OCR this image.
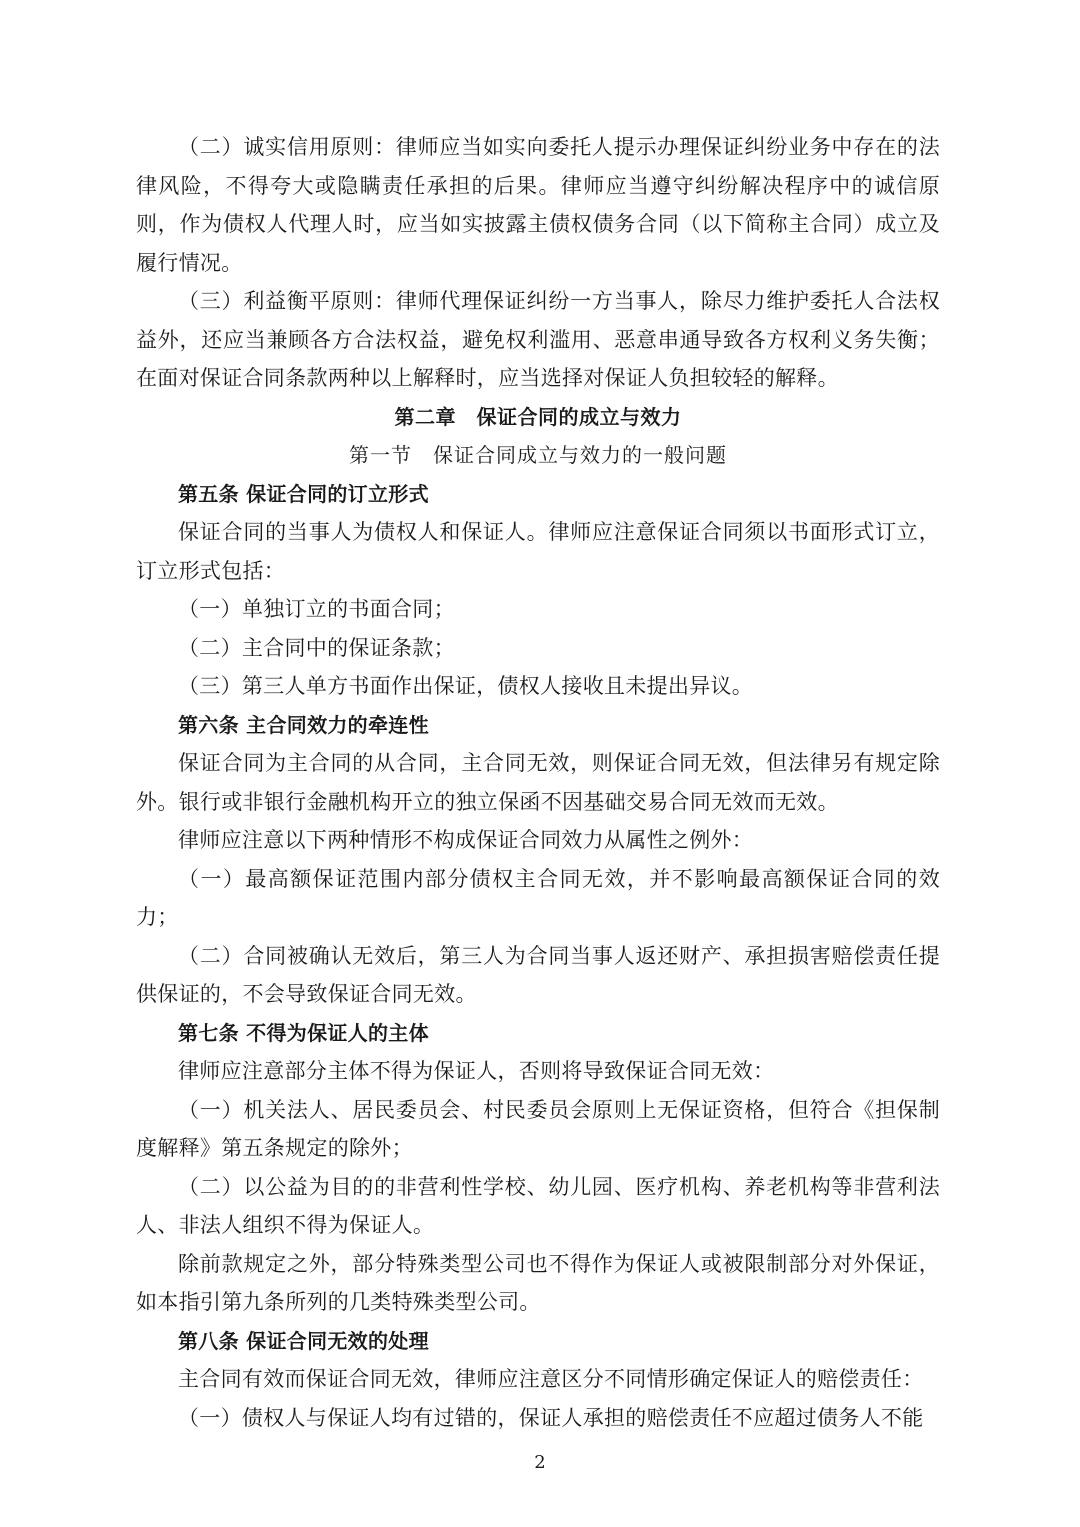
（二）诚实信用原则：律师应当如实向委托人提示办理保证纠纷业务中存在的法律风险，不得夸大或隐瞒责任承担的后果。律师应当遵守纠纷解决程序中的诚信原则，作为债权人代理人时，应当如实披露主债权债务合同（以下简称主合同）成立及履行情况。

（三）利益衡平原则：律师代理保证纠纷一方当事人，除尽力维护委托人合法权益外，还应当兼顾各方合法权益，避免权利滥用、恶意串通导致各方权利义务失衡；在面对保证合同条款两种以上解释时，应当选择对保证人负担较轻的解释。

第二章　保证合同的成立与效力

第一节　保证合同成立与效力的一般问题

第五条 保证合同的订立形式

保证合同的当事人为债权人和保证人。律师应注意保证合同须以书面形式订立，订立形式包括：

（一）单独订立的书面合同；

（二）主合同中的保证条款；

（三）第三人单方书面作出保证，债权人接收且未提出异议。

第六条 主合同效力的牵连性

保证合同为主合同的从合同，主合同无效，则保证合同无效，但法律另有规定除外。银行或非银行金融机构开立的独立保函不因基础交易合同无效而无效。

律师应注意以下两种情形不构成保证合同效力从属性之例外：

（一）最高额保证范围内部分债权主合同无效，并不影响最高额保证合同的效力；

（二）合同被确认无效后，第三人为合同当事人返还财产、承担损害赔偿责任提供保证的，不会导致保证合同无效。

第七条 不得为保证人的主体

律师应注意部分主体不得为保证人，否则将导致保证合同无效：

（一）机关法人、居民委员会、村民委员会原则上无保证资格，但符合《担保制度解释》第五条规定的除外；

（二）以公益为目的的非营利性学校、幼儿园、医疗机构、养老机构等非营利法人、非法人组织不得为保证人。

除前款规定之外，部分特殊类型公司也不得作为保证人或被限制部分对外保证，如本指引第九条所列的几类特殊类型公司。

第八条 保证合同无效的处理

主合同有效而保证合同无效，律师应注意区分不同情形确定保证人的赔偿责任：

（一）债权人与保证人均有过错的，保证人承担的赔偿责任不应超过债务人不能

2
